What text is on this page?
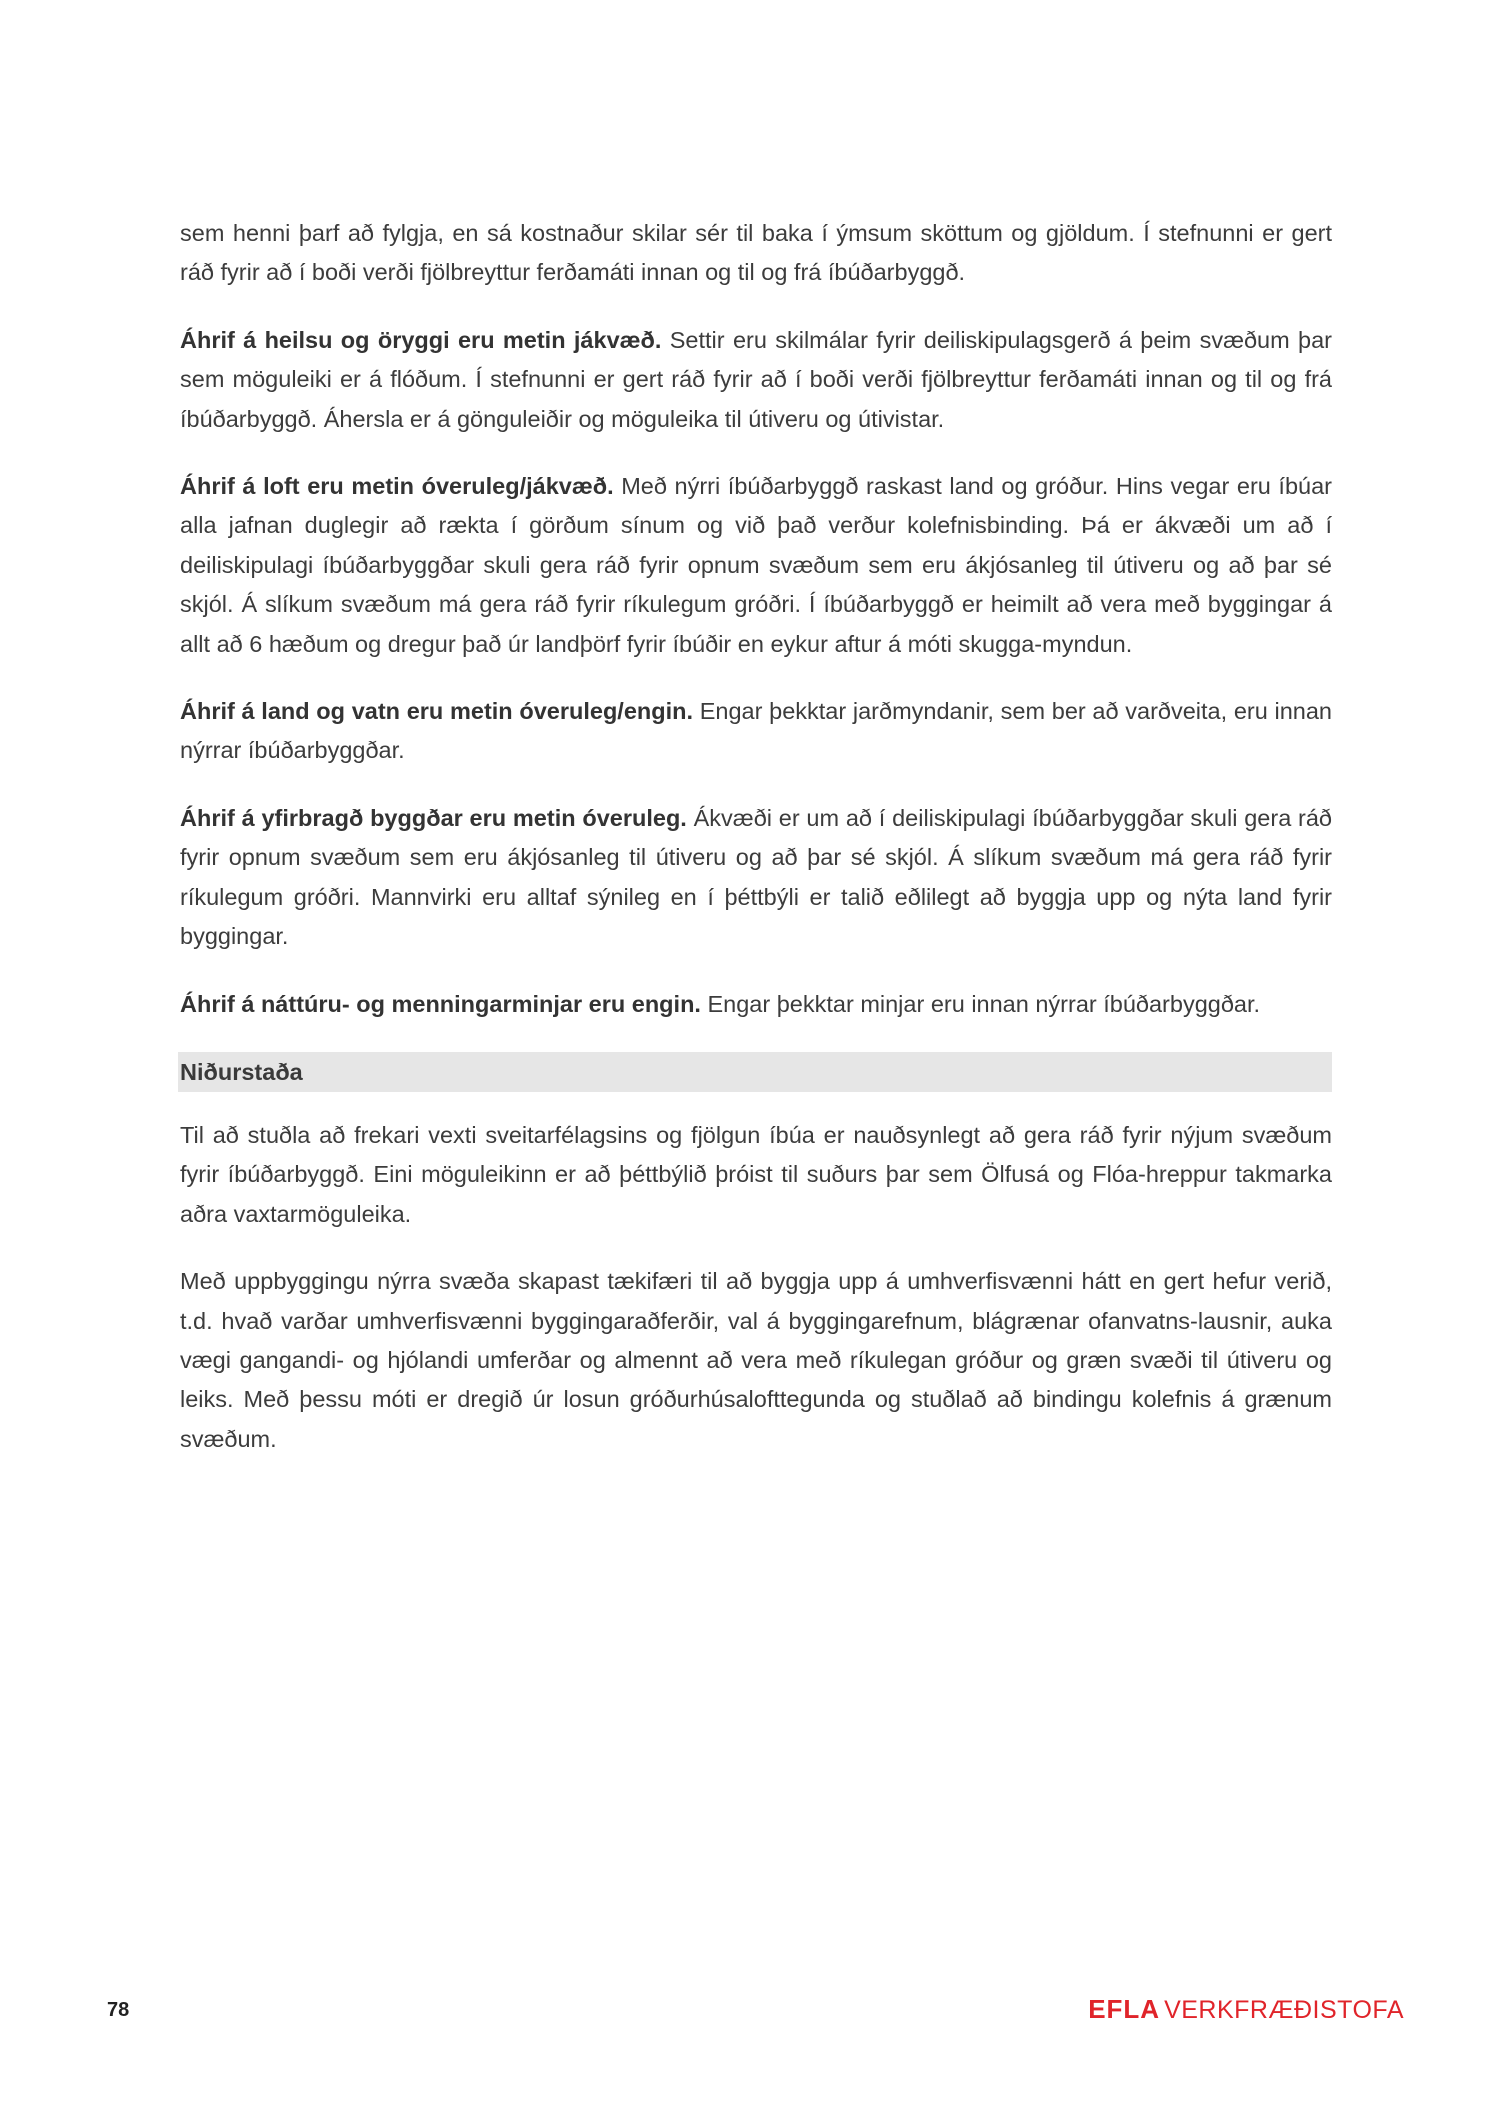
sem henni þarf að fylgja, en sá kostnaður skilar sér til baka í ýmsum sköttum og gjöldum. Í stefnunni er gert ráð fyrir að í boði verði fjölbreyttur ferðamáti innan og til og frá íbúðarbyggð.

Áhrif á heilsu og öryggi eru metin jákvæð. Settir eru skilmálar fyrir deiliskipulagsgerð á þeim svæðum þar sem möguleiki er á flóðum. Í stefnunni er gert ráð fyrir að í boði verði fjölbreyttur ferðamáti innan og til og frá íbúðarbyggð. Áhersla er á gönguleiðir og möguleika til útiveru og útivistar.

Áhrif á loft eru metin óveruleg/jákvæð. Með nýrri íbúðarbyggð raskast land og gróður. Hins vegar eru íbúar alla jafnan duglegir að rækta í görðum sínum og við það verður kolefnisbinding. Þá er ákvæði um að í deiliskipulagi íbúðarbyggðar skuli gera ráð fyrir opnum svæðum sem eru ákjósanleg til útiveru og að þar sé skjól. Á slíkum svæðum má gera ráð fyrir ríkulegum gróðri. Í íbúðarbyggð er heimilt að vera með byggingar á allt að 6 hæðum og dregur það úr landþörf fyrir íbúðir en eykur aftur á móti skugga-myndun.

Áhrif á land og vatn eru metin óveruleg/engin. Engar þekktar jarðmyndanir, sem ber að varðveita, eru innan nýrrar íbúðarbyggðar.

Áhrif á yfirbragð byggðar eru metin óveruleg. Ákvæði er um að í deiliskipulagi íbúðarbyggðar skuli gera ráð fyrir opnum svæðum sem eru ákjósanleg til útiveru og að þar sé skjól. Á slíkum svæðum má gera ráð fyrir ríkulegum gróðri. Mannvirki eru alltaf sýnileg en í þéttbýli er talið eðlilegt að byggja upp og nýta land fyrir byggingar.

Áhrif á náttúru- og menningarminjar eru engin. Engar þekktar minjar eru innan nýrrar íbúðarbyggðar.

Niðurstaða

Til að stuðla að frekari vexti sveitarfélagsins og fjölgun íbúa er nauðsynlegt að gera ráð fyrir nýjum svæðum fyrir íbúðarbyggð. Eini möguleikinn er að þéttbýlið þróist til suðurs þar sem Ölfusá og Flóa-hreppur takmarka aðra vaxtarmöguleika.

Með uppbyggingu nýrra svæða skapast tækifæri til að byggja upp á umhverfisvænni hátt en gert hefur verið, t.d. hvað varðar umhverfisvænni byggingaraðferðir, val á byggingarefnum, blágrænar ofanvatns-lausnir, auka vægi gangandi- og hjólandi umferðar og almennt að vera með ríkulegan gróður og græn svæði til útiveru og leiks. Með þessu móti er dregið úr losun gróðurhúsalofttegunda og stuðlað að bindingu kolefnis á grænum svæðum.

78	EFLA VERKFRÆÐISTOFA
